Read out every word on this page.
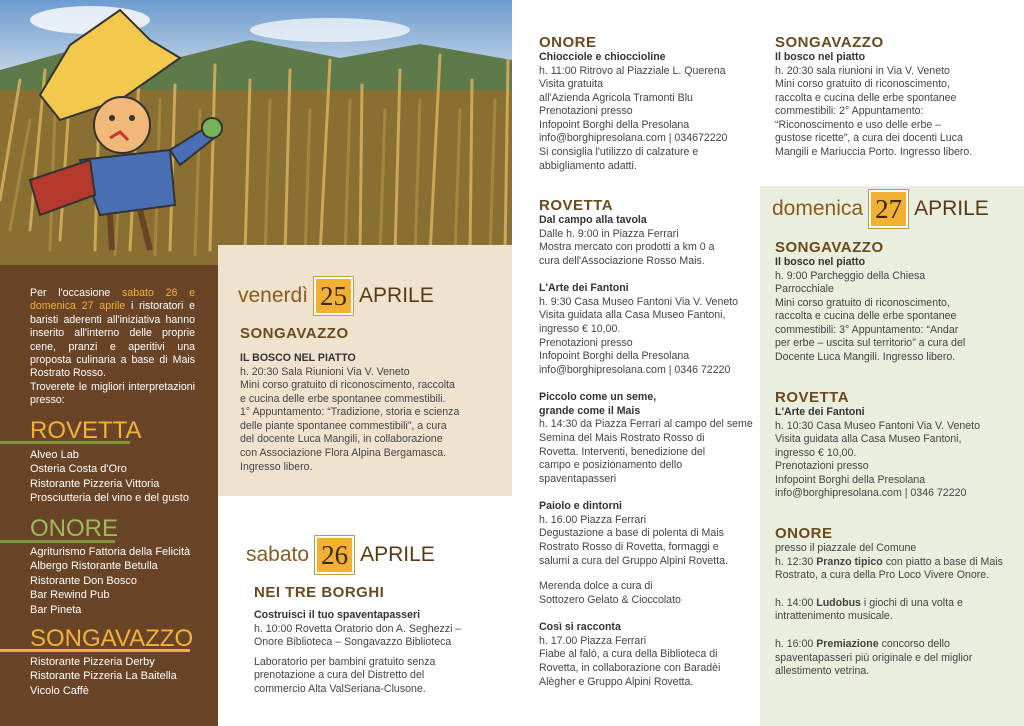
Per l'occasione sabato 26 e domenica 27 aprile i ristoratori e baristi aderenti all'iniziativa hanno inserito all'interno delle proprie cene, pranzi e aperitivi una proposta culinaria a base di Mais Rostrato Rosso.
Troverete le migliori interpretazioni presso:

ROVETTA
Alveo Lab
Osteria Costa d'Oro
Ristorante Pizzeria Vittoria
Prosciutteria del vino e del gusto
ONORE
Agriturismo Fattoria della Felicità
Albergo Ristorante Betulla
Ristorante Don Bosco
Bar Rewind Pub
Bar Pineta
SONGAVAZZO
Ristorante Pizzeria Derby
Ristorante Pizzeria La Baitella
Vicolo Caffè
venerdì 25 APRILE
SONGAVAZZO

IL BOSCO NEL PIATTO

h. 20:30 Sala Riunioni Via V. Veneto

Mini corso gratuito di riconoscimento, raccolta

e cucina delle erbe spontanee commestibili.

1° Appuntamento: “Tradizione, storia e scienza

delle piante spontanee commestibili”, a cura

del docente Luca Mangili, in collaborazione

con Associazione Flora Alpina Bergamasca.

Ingresso libero.

sabato 26 APRILE
NEI TRE BORGHI

Costruisci il tuo spaventapasseri

h. 10:00 Rovetta Oratorio don A. Seghezzi –

Onore Biblioteca – Songavazzo Biblioteca

Laboratorio per bambini gratuito senza

prenotazione a cura del Distretto del

commercio Alta ValSeriana-Clusone.

ONORE

Chiocciole e chioccioline

h. 11:00 Ritrovo al Piazziale L. Querena

Visita gratuita

all'Azienda Agricola Tramonti Blu

Prenotazioni presso

Infopoint Borghi della Presolana

info@borghipresolana.com | 034672220

Si consiglia l'utilizzo di calzature e

abbigliamento adatti.

ROVETTA

Dal campo alla tavola

Dalle h. 9:00 in Piazza Ferrari

Mostra mercato con prodotti a km 0 a

cura dell'Associazione Rosso Mais.

L'Arte dei Fantoni

h. 9:30 Casa Museo Fantoni Via V. Veneto

Visita guidata alla Casa Museo Fantoni,

ingresso € 10,00.

Prenotazioni presso

Infopoint Borghi della Presolana

info@borghipresolana.com | 0346 72220

Piccolo come un seme,

grande come il Mais

h. 14:30 da Piazza Ferrari al campo del seme

Semina del Mais Rostrato Rosso di

Rovetta. Interventi, benedizione del

campo e posizionamento dello

spaventapasseri

Paiolo e dintorni

h. 16.00 Piazza Ferrari

Degustazione a base di polenta di Mais

Rostrato Rosso di Rovetta, formaggi e

salumi a cura del Gruppo Alpini Rovetta.

Merenda dolce a cura di

Sottozero Gelato & Cioccolato

Così si racconta

h. 17.00 Piazza Ferrari

Fiabe al falò, a cura della Biblioteca di

Rovetta, in collaborazione con Baradèi

Alègher e Gruppo Alpini Rovetta.

SONGAVAZZO

Il bosco nel piatto

h. 20:30 sala riunioni in Via V. Veneto

Mini corso gratuito di riconoscimento,

raccolta e cucina delle erbe spontanee

commestibili: 2° Appuntamento:

“Riconoscimento e uso delle erbe –

gustose ricette”, a cura dei docenti Luca

Mangili e Mariuccia Porto. Ingresso libero.

domenica 27 APRILE
SONGAVAZZO

Il bosco nel piatto

h. 9:00 Parcheggio della Chiesa

Parrocchiale

Mini corso gratuito di riconoscimento,

raccolta e cucina delle erbe spontanee

commestibili: 3° Appuntamento: “Andar

per erbe – uscita sul territorio” a cura del

Docente Luca Mangili. Ingresso libero.

ROVETTA

L'Arte dei Fantoni

h. 10:30 Casa Museo Fantoni Via V. Veneto

Visita guidata alla Casa Museo Fantoni,

ingresso € 10,00.

Prenotazioni presso

Infopoint Borghi della Presolana

info@borghipresolana.com | 0346 72220

ONORE

presso il piazzale del Comune

h. 12:30 Pranzo tipico con piatto a base di Mais Rostrato, a cura della Pro Loco Vivere Onore.

h. 14:00 Ludobus i giochi di una volta e intrattenimento musicale.

h. 16:00 Premiazione concorso dello spaventapasseri più originale e del miglior allestimento vetrina.
